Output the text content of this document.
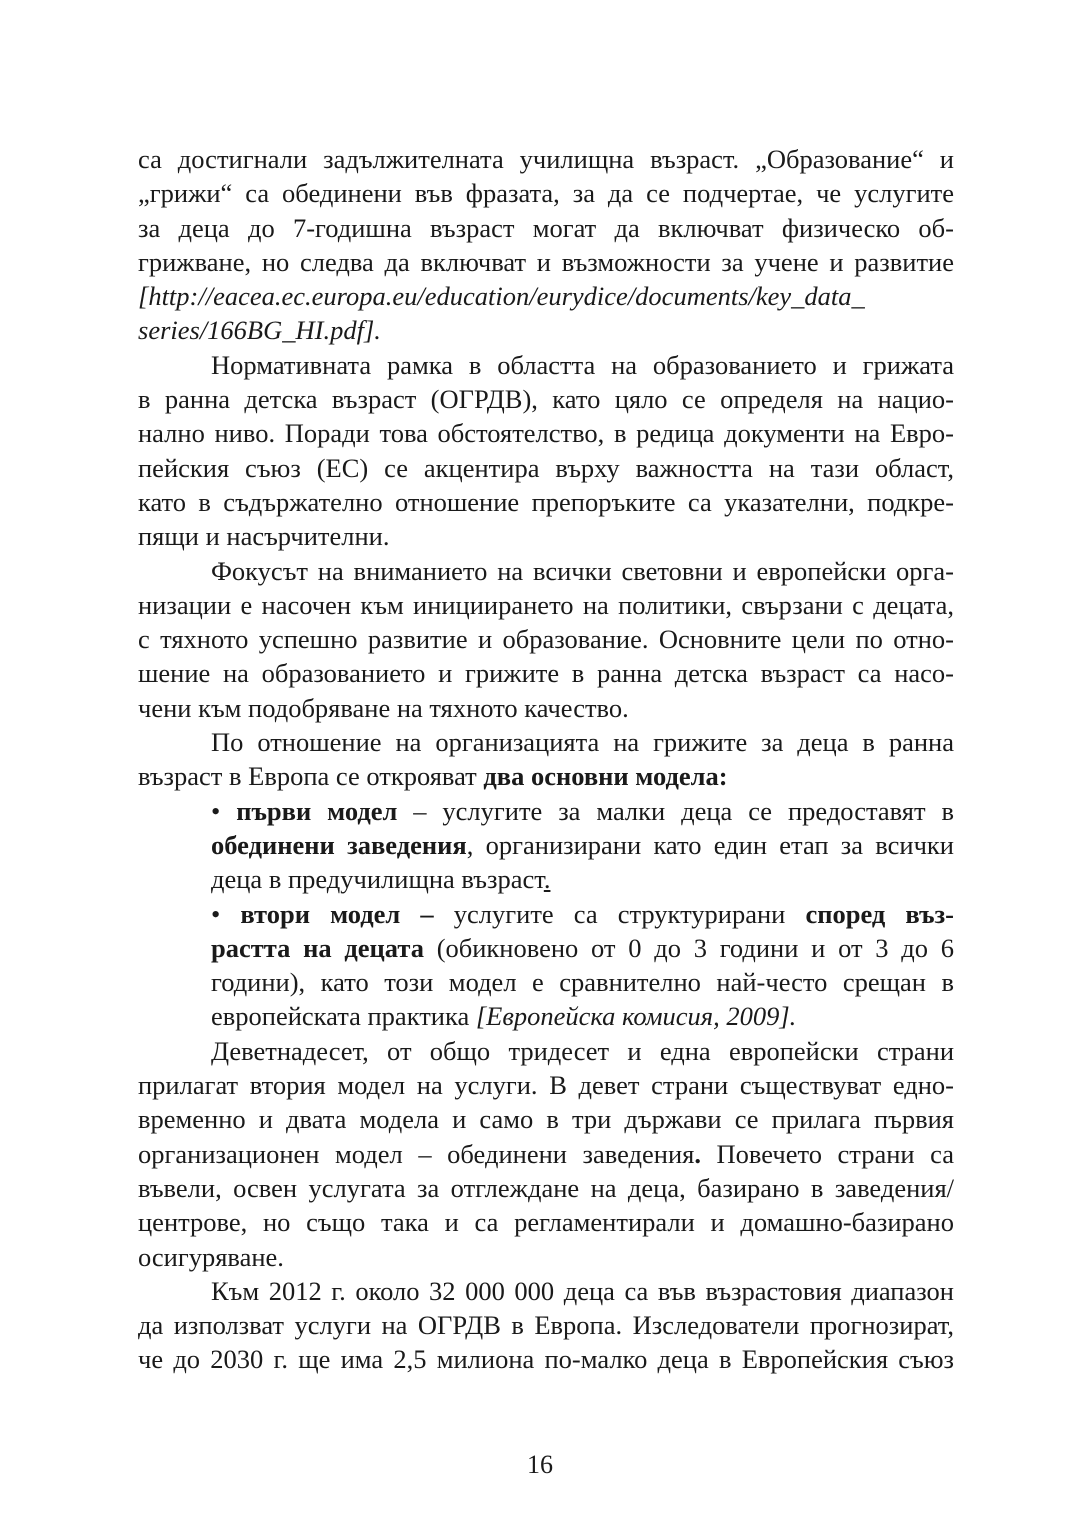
са достигнали задължителната училищна възраст. „Образование“ и
„грижи“ са обединени във фразата, за да се подчертае, че услугите
за деца до 7-годишна възраст могат да включват физическо об-
грижване, но следва да включват и възможности за учене и развитие
[http://eacea.ec.europa.eu/education/eurydice/documents/key_data_
series/166BG_HI.pdf].
Нормативната рамка в областта на образованието и грижата
в ранна детска възраст (ОГРДВ), като цяло се определя на нацио-
нално ниво. Поради това обстоятелство, в редица документи на Евро-
пейския съюз (ЕС) се акцентира върху важността на тази област,
като в съдържателно отношение препоръките са указателни, подкре-
пящи и насърчителни.
Фокусът на вниманието на всички световни и европейски орга-
низации е насочен към инициирането на политики, свързани с децата,
с тяхното успешно развитие и образование. Основните цели по отно-
шение на образованието и грижите в ранна детска възраст са насо-
чени към подобряване на тяхното качество.
По отношение на организацията на грижите за деца в ранна
възраст в Европа се открояват два основни модела:
• първи модел – услугите за малки деца се предоставят в
обединени заведения, организирани като един етап за всички
деца в предучилищна възраст.
• втори модел – услугите са структурирани според въз-
растта на децата (обикновено от 0 до 3 години и от 3 до 6
години), като този модел е сравнително най-често срещан в
европейската практика [Европейска комисия, 2009].
Деветнадесет, от общо тридесет и една европейски страни
прилагат втория модел на услуги. В девет страни съществуват едно-
временно и двата модела и само в три държави се прилага първия
организационен модел – обединени заведения. Повечето страни са
въвели, освен услугата за отглеждане на деца, базирано в заведения/
центрове, но също така и са регламентирали и домашно-базирано
осигуряване.
Към 2012 г. около 32 000 000 деца са във възрастовия диапазон
да използват услуги на ОГРДВ в Европа. Изследователи прогнозират,
че до 2030 г. ще има 2,5 милиона по-малко деца в Европейския съюз
16
